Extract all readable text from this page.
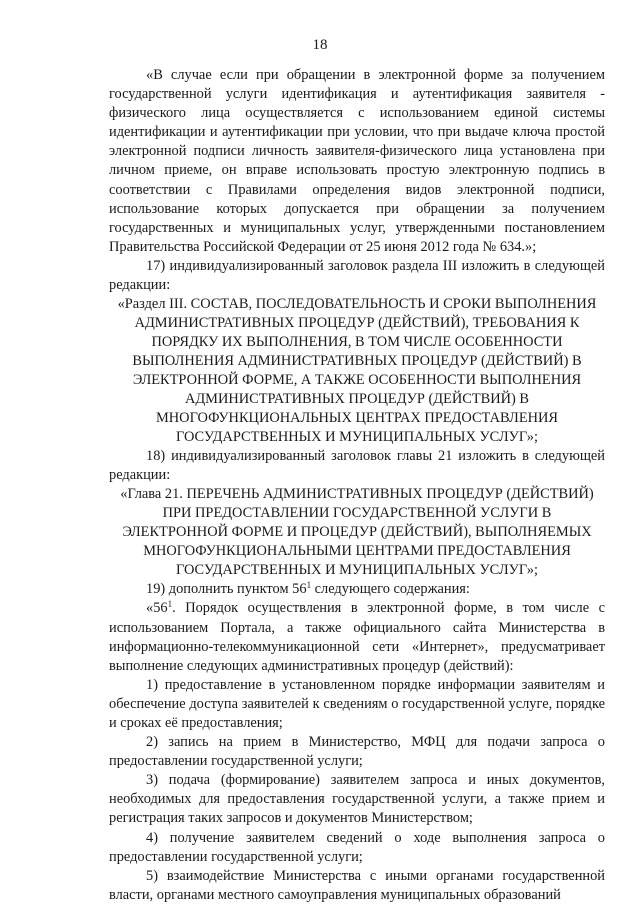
18

«В случае если при обращении в электронной форме за получением государственной услуги идентификация и аутентификация заявителя - физического лица осуществляется с использованием единой системы идентификации и аутентификации при условии, что при выдаче ключа простой электронной подписи личность заявителя-физического лица установлена при личном приеме, он вправе использовать простую электронную подпись в соответствии с Правилами определения видов электронной подписи, использование которых допускается при обращении за получением государственных и муниципальных услуг, утвержденными постановлением Правительства Российской Федерации от 25 июня 2012 года № 634.»;

17) индивидуализированный заголовок раздела III изложить в следующей редакции:

«Раздел III. СОСТАВ, ПОСЛЕДОВАТЕЛЬНОСТЬ И СРОКИ ВЫПОЛНЕНИЯ АДМИНИСТРАТИВНЫХ ПРОЦЕДУР (ДЕЙСТВИЙ), ТРЕБОВАНИЯ К ПОРЯДКУ ИХ ВЫПОЛНЕНИЯ, В ТОМ ЧИСЛЕ ОСОБЕННОСТИ ВЫПОЛНЕНИЯ АДМИНИСТРАТИВНЫХ ПРОЦЕДУР (ДЕЙСТВИЙ) В ЭЛЕКТРОННОЙ ФОРМЕ, А ТАКЖЕ ОСОБЕННОСТИ ВЫПОЛНЕНИЯ АДМИНИСТРАТИВНЫХ ПРОЦЕДУР (ДЕЙСТВИЙ) В МНОГОФУНКЦИОНАЛЬНЫХ ЦЕНТРАХ ПРЕДОСТАВЛЕНИЯ ГОСУДАРСТВЕННЫХ И МУНИЦИПАЛЬНЫХ УСЛУГ»;

18) индивидуализированный заголовок главы 21 изложить в следующей редакции:

«Глава 21. ПЕРЕЧЕНЬ АДМИНИСТРАТИВНЫХ ПРОЦЕДУР (ДЕЙСТВИЙ) ПРИ ПРЕДОСТАВЛЕНИИ ГОСУДАРСТВЕННОЙ УСЛУГИ В ЭЛЕКТРОННОЙ ФОРМЕ И ПРОЦЕДУР (ДЕЙСТВИЙ), ВЫПОЛНЯЕМЫХ МНОГОФУНКЦИОНАЛЬНЫМИ ЦЕНТРАМИ ПРЕДОСТАВЛЕНИЯ ГОСУДАРСТВЕННЫХ И МУНИЦИПАЛЬНЫХ УСЛУГ»;

19) дополнить пунктом $56^1$ следующего содержания:

«$56^1$. Порядок осуществления в электронной форме, в том числе с использованием Портала, а также официального сайта Министерства в информационно-телекоммуникационной сети «Интернет», предусматривает выполнение следующих административных процедур (действий):

1) предоставление в установленном порядке информации заявителям и обеспечение доступа заявителей к сведениям о государственной услуге, порядке и сроках её предоставления;

2) запись на прием в Министерство, МФЦ для подачи запроса о предоставлении государственной услуги;

3) подача (формирование) заявителем запроса и иных документов, необходимых для предоставления государственной услуги, а также прием и регистрация таких запросов и документов Министерством;

4) получение заявителем сведений о ходе выполнения запроса о предоставлении государственной услуги;

5) взаимодействие Министерства с иными органами государственной власти, органами местного самоуправления муниципальных образований
